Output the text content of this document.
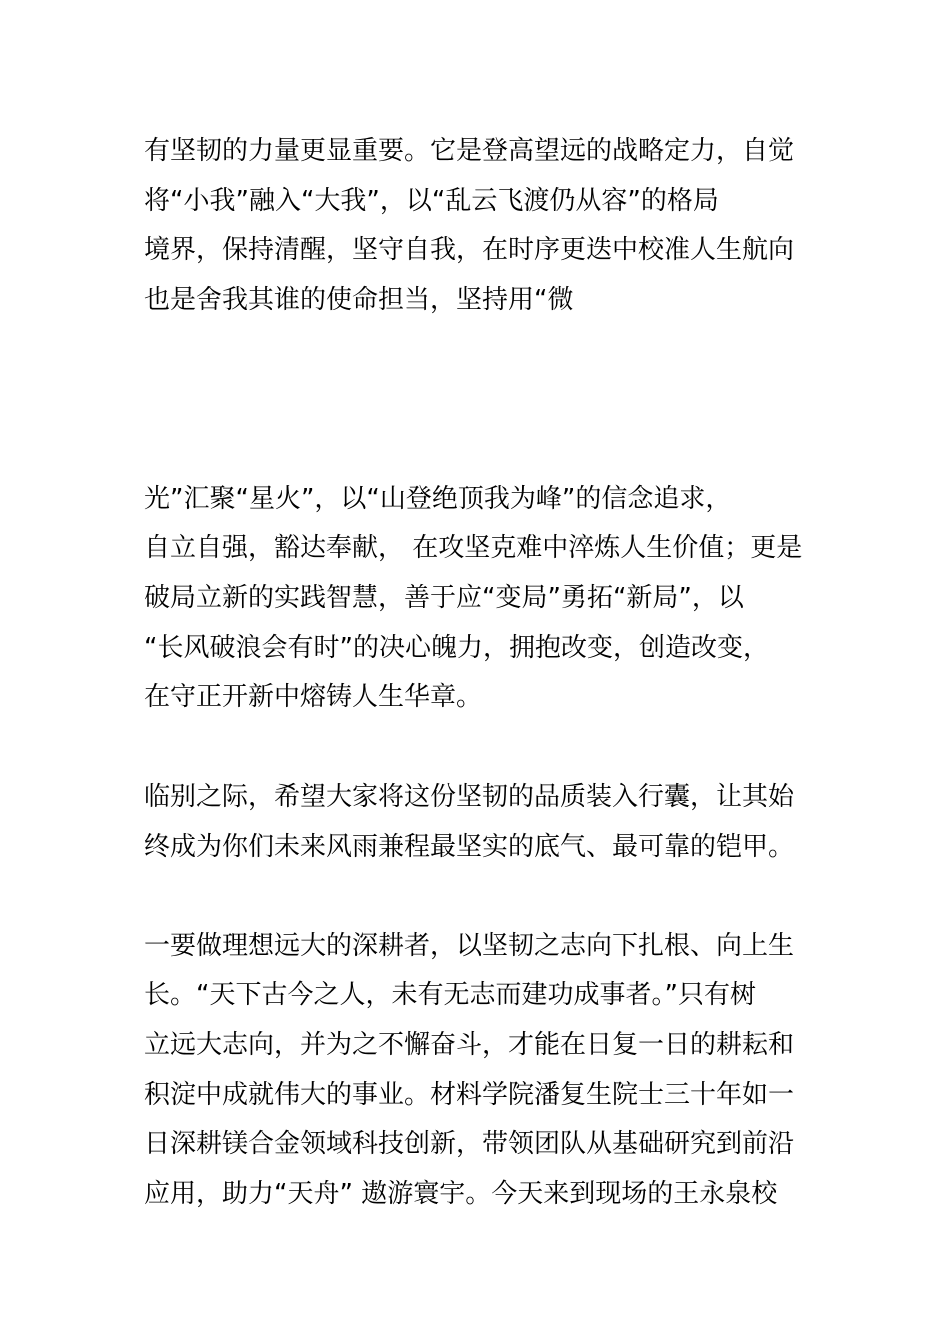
有坚韧的力量更显重要。它是登高望远的战略定力，自觉
将“小我”融入“大我”，以“乱云飞渡仍从容”的格局
境界，保持清醒，坚守自我，在时序更迭中校准人生航向
也是舍我其谁的使命担当，坚持用“微
光”汇聚“星火”，以“山登绝顶我为峰”的信念追求，
自立自强，豁达奉献， 在攻坚克难中淬炼人生价值；更是
破局立新的实践智慧，善于应“变局”勇拓“新局”，以
“长风破浪会有时”的决心魄力，拥抱改变，创造改变，
在守正开新中熔铸人生华章。
临别之际，希望大家将这份坚韧的品质装入行囊，让其始
终成为你们未来风雨兼程最坚实的底气、最可靠的铠甲。
一要做理想远大的深耕者，以坚韧之志向下扎根、向上生
长。“天下古今之人，未有无志而建功成事者。”只有树
立远大志向，并为之不懈奋斗，才能在日复一日的耕耘和
积淀中成就伟大的事业。材料学院潘复生院士三十年如一
日深耕镁合金领域科技创新，带领团队从基础研究到前沿
应用，助力“天舟” 遨游寰宇。今天来到现场的王永泉校
